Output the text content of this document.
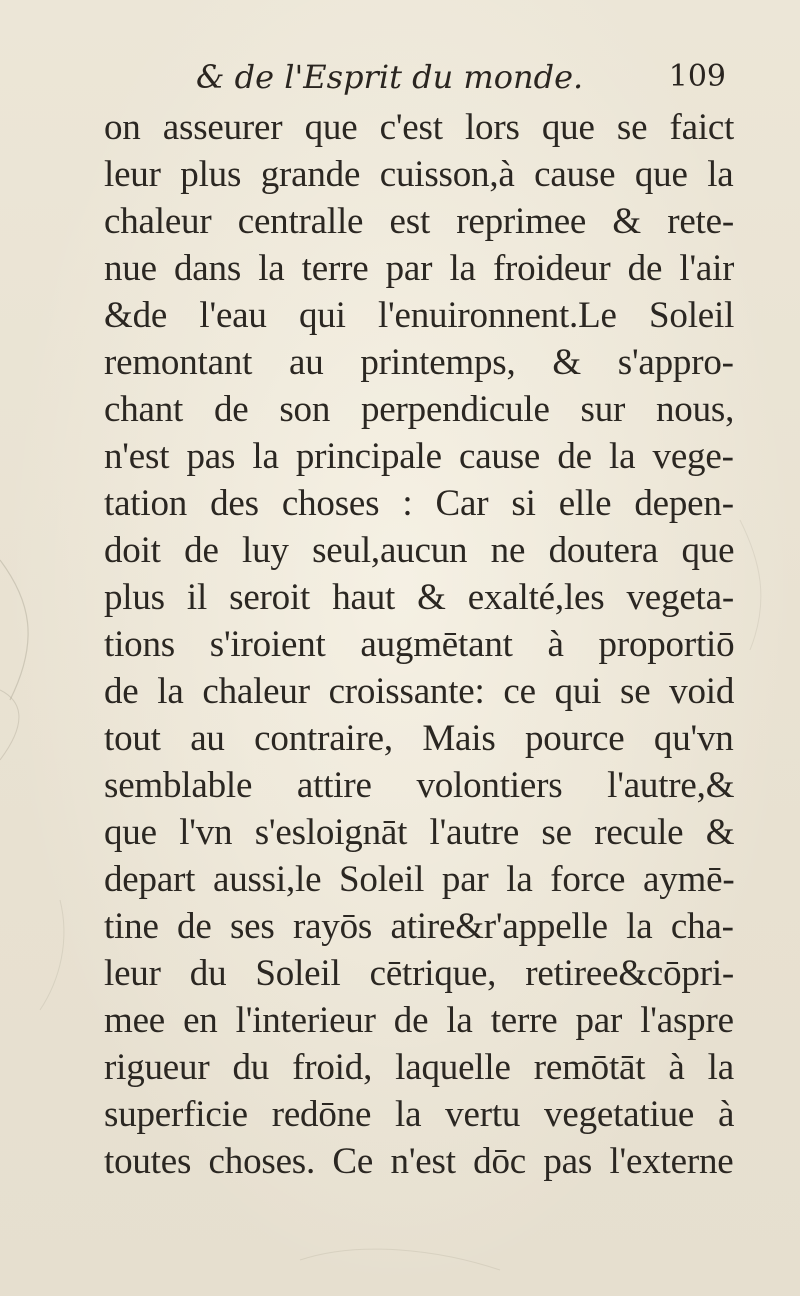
& de l'Esprit du monde.	109
on asseurer que c'est lors que se faict
leur plus grande cuisson,à cause que la
chaleur centralle est reprimee & rete-
nue dans la terre par la froideur de l'air
&de l'eau qui l'enuironnent.Le Soleil
remontant au printemps, & s'appro-
chant de son perpendicule sur nous,
n'est pas la principale cause de la vege-
tation des choses : Car si elle depen-
doit de luy seul,aucun ne doutera que
plus il seroit haut & exalté,les vegeta-
tions s'iroient augmētant à proportiō
de la chaleur croissante: ce qui se void
tout au contraire, Mais pource qu'vn
semblable attire volontiers l'autre,&
que l'vn s'esloignāt l'autre se recule &
depart aussi,le Soleil par la force aymē-
tine de ses rayōs atire&r'appelle la cha-
leur du Soleil cētrique, retiree&cōpri-
mee en l'interieur de la terre par l'aspre
rigueur du froid, laquelle remōtāt à la
superficie redōne la vertu vegetatiue à
toutes choses. Ce n'est dōc pas l'externe
